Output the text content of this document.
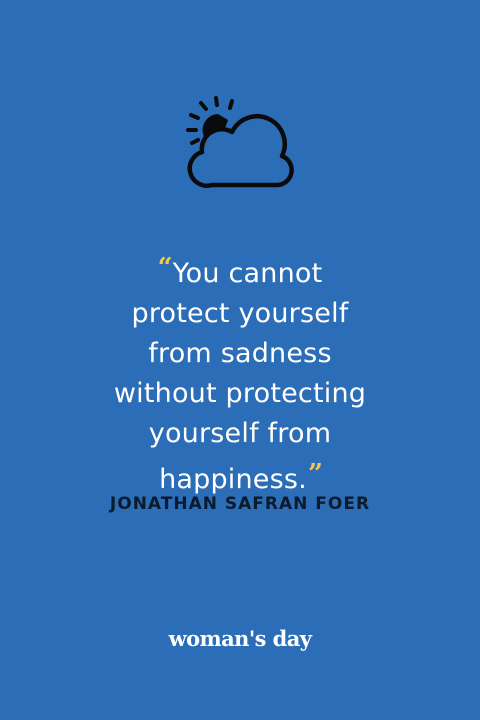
“You cannot
protect yourself
from sadness
without protecting
yourself from
happiness.”
JONATHAN SAFRAN FOER
woman's day
